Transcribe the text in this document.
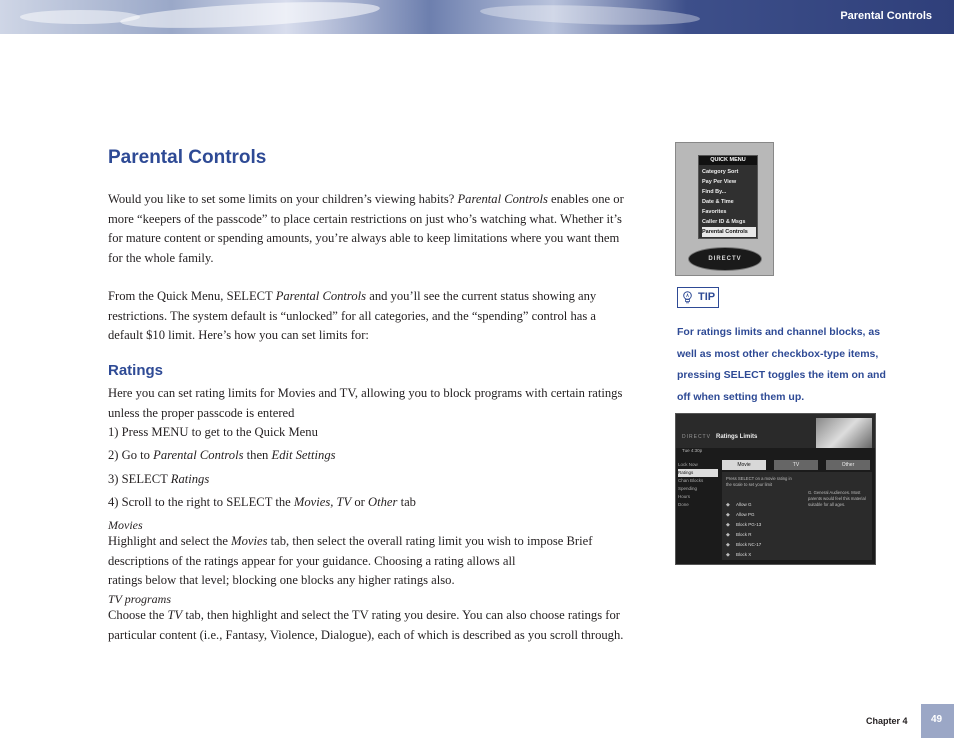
Parental Controls
Parental Controls
Would you like to set some limits on your children’s viewing habits? Parental Controls enables one or more “keepers of the passcode” to place certain restrictions on just who’s watching what. Whether it’s for mature content or spending amounts, you’re always able to keep limitations where you want them for the whole family.
From the Quick Menu, SELECT Parental Controls and you’ll see the current status showing any restrictions. The system default is “unlocked” for all categories, and the “spending” control has a default $10 limit. Here’s how you can set limits for:
Ratings
Here you can set rating limits for Movies and TV, allowing you to block programs with certain ratings unless the proper passcode is entered
1) Press MENU to get to the Quick Menu
2) Go to Parental Controls then Edit Settings
3) SELECT Ratings
4) Scroll to the right to SELECT the Movies, TV or Other tab
Movies
Highlight and select the Movies tab, then select the overall rating limit you wish to impose Brief descriptions of the ratings appear for your guidance. Choosing a rating allows all
ratings below that level; blocking one blocks any higher ratings also.
TV programs
Choose the TV tab, then highlight and select the TV rating you desire. You can also choose ratings for particular content (i.e., Fantasy, Violence, Dialogue), each of which is described as you scroll through.
QUICK MENU
Category Sort
Pay Per View
Find By...
Date & Time
Favorites
Caller ID & Msgs
Parental Controls
DIRECTV
TIP
For ratings limits and channel blocks, as well as most other checkbox-type items, pressing SELECT toggles the item on and off when setting them up.
DIRECTV Ratings Limits
Tue 4:30p
Lock Now
Ratings
Chan Blocks
Spending
Hours
Done
Movie	TV	Other
Press SELECT on a movie rating in the scale to set your limit
G. General Audiences. Most parents would feel this material suitable for all ages.
◆ Allow G
◆ Allow PG
◆ Block PG-13
◆ Block R
◆ Block NC-17
◆ Block X
Chapter 4 49
